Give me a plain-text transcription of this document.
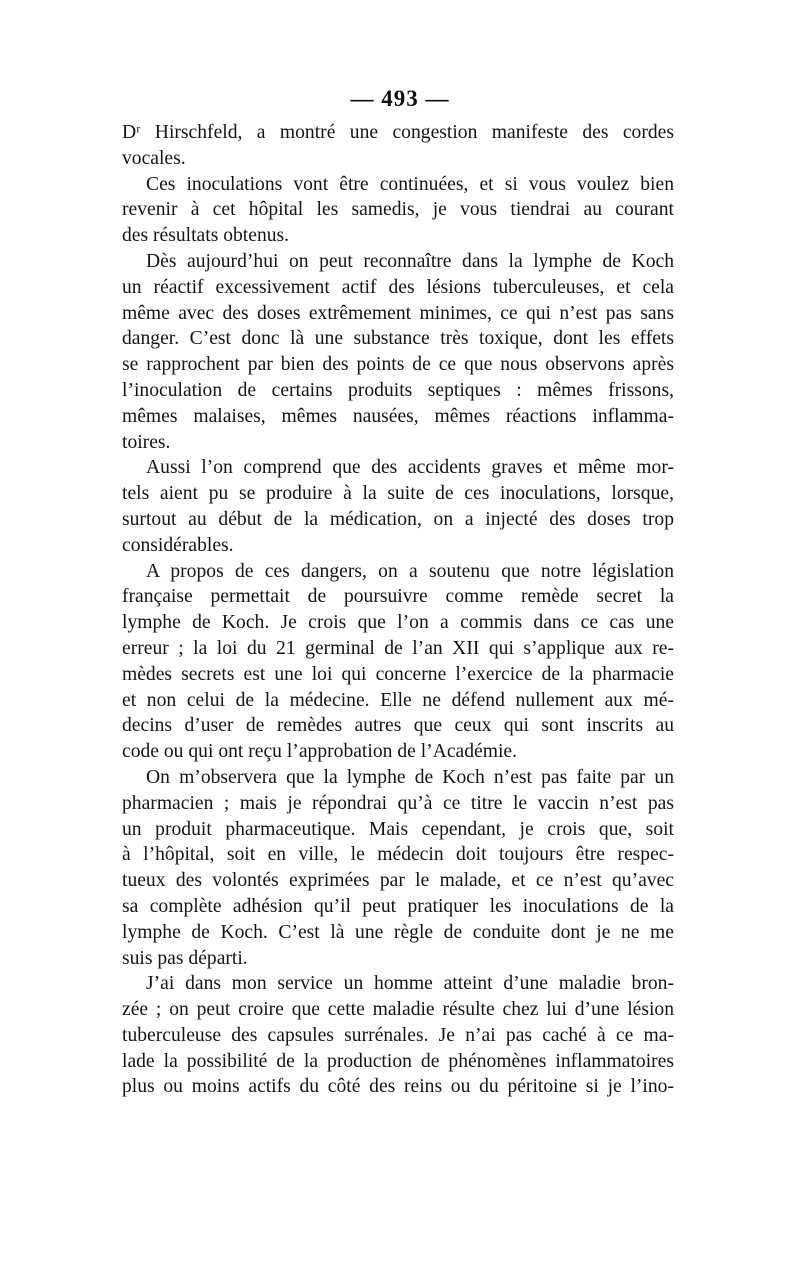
— 493 —
Dʳ Hirschfeld, a montré une congestion manifeste des cordes
vocales.
Ces inoculations vont être continuées, et si vous voulez bien
revenir à cet hôpital les samedis, je vous tiendrai au courant
des résultats obtenus.
Dès aujourd’hui on peut reconnaître dans la lymphe de Koch
un réactif excessivement actif des lésions tuberculeuses, et cela
même avec des doses extrêmement minimes, ce qui n’est pas sans
danger. C’est donc là une substance très toxique, dont les effets
se rapprochent par bien des points de ce que nous observons après
l’inoculation de certains produits septiques : mêmes frissons,
mêmes malaises, mêmes nausées, mêmes réactions inflamma-
toires.
Aussi l’on comprend que des accidents graves et même mor-
tels aient pu se produire à la suite de ces inoculations, lorsque,
surtout au début de la médication, on a injecté des doses trop
considérables.
A propos de ces dangers, on a soutenu que notre législation
française permettait de poursuivre comme remède secret la
lymphe de Koch. Je crois que l’on a commis dans ce cas une
erreur ; la loi du 21 germinal de l’an XII qui s’applique aux re-
mèdes secrets est une loi qui concerne l’exercice de la pharmacie
et non celui de la médecine. Elle ne défend nullement aux mé-
decins d’user de remèdes autres que ceux qui sont inscrits au
code ou qui ont reçu l’approbation de l’Académie.
On m’observera que la lymphe de Koch n’est pas faite par un
pharmacien ; mais je répondrai qu’à ce titre le vaccin n’est pas
un produit pharmaceutique. Mais cependant, je crois que, soit
à l’hôpital, soit en ville, le médecin doit toujours être respec-
tueux des volontés exprimées par le malade, et ce n’est qu’avec
sa complète adhésion qu’il peut pratiquer les inoculations de la
lymphe de Koch. C’est là une règle de conduite dont je ne me
suis pas départi.
J’ai dans mon service un homme atteint d’une maladie bron-
zée ; on peut croire que cette maladie résulte chez lui d’une lésion
tuberculeuse des capsules surrénales. Je n’ai pas caché à ce ma-
lade la possibilité de la production de phénomènes inflammatoires
plus ou moins actifs du côté des reins ou du péritoine si je l’ino-
